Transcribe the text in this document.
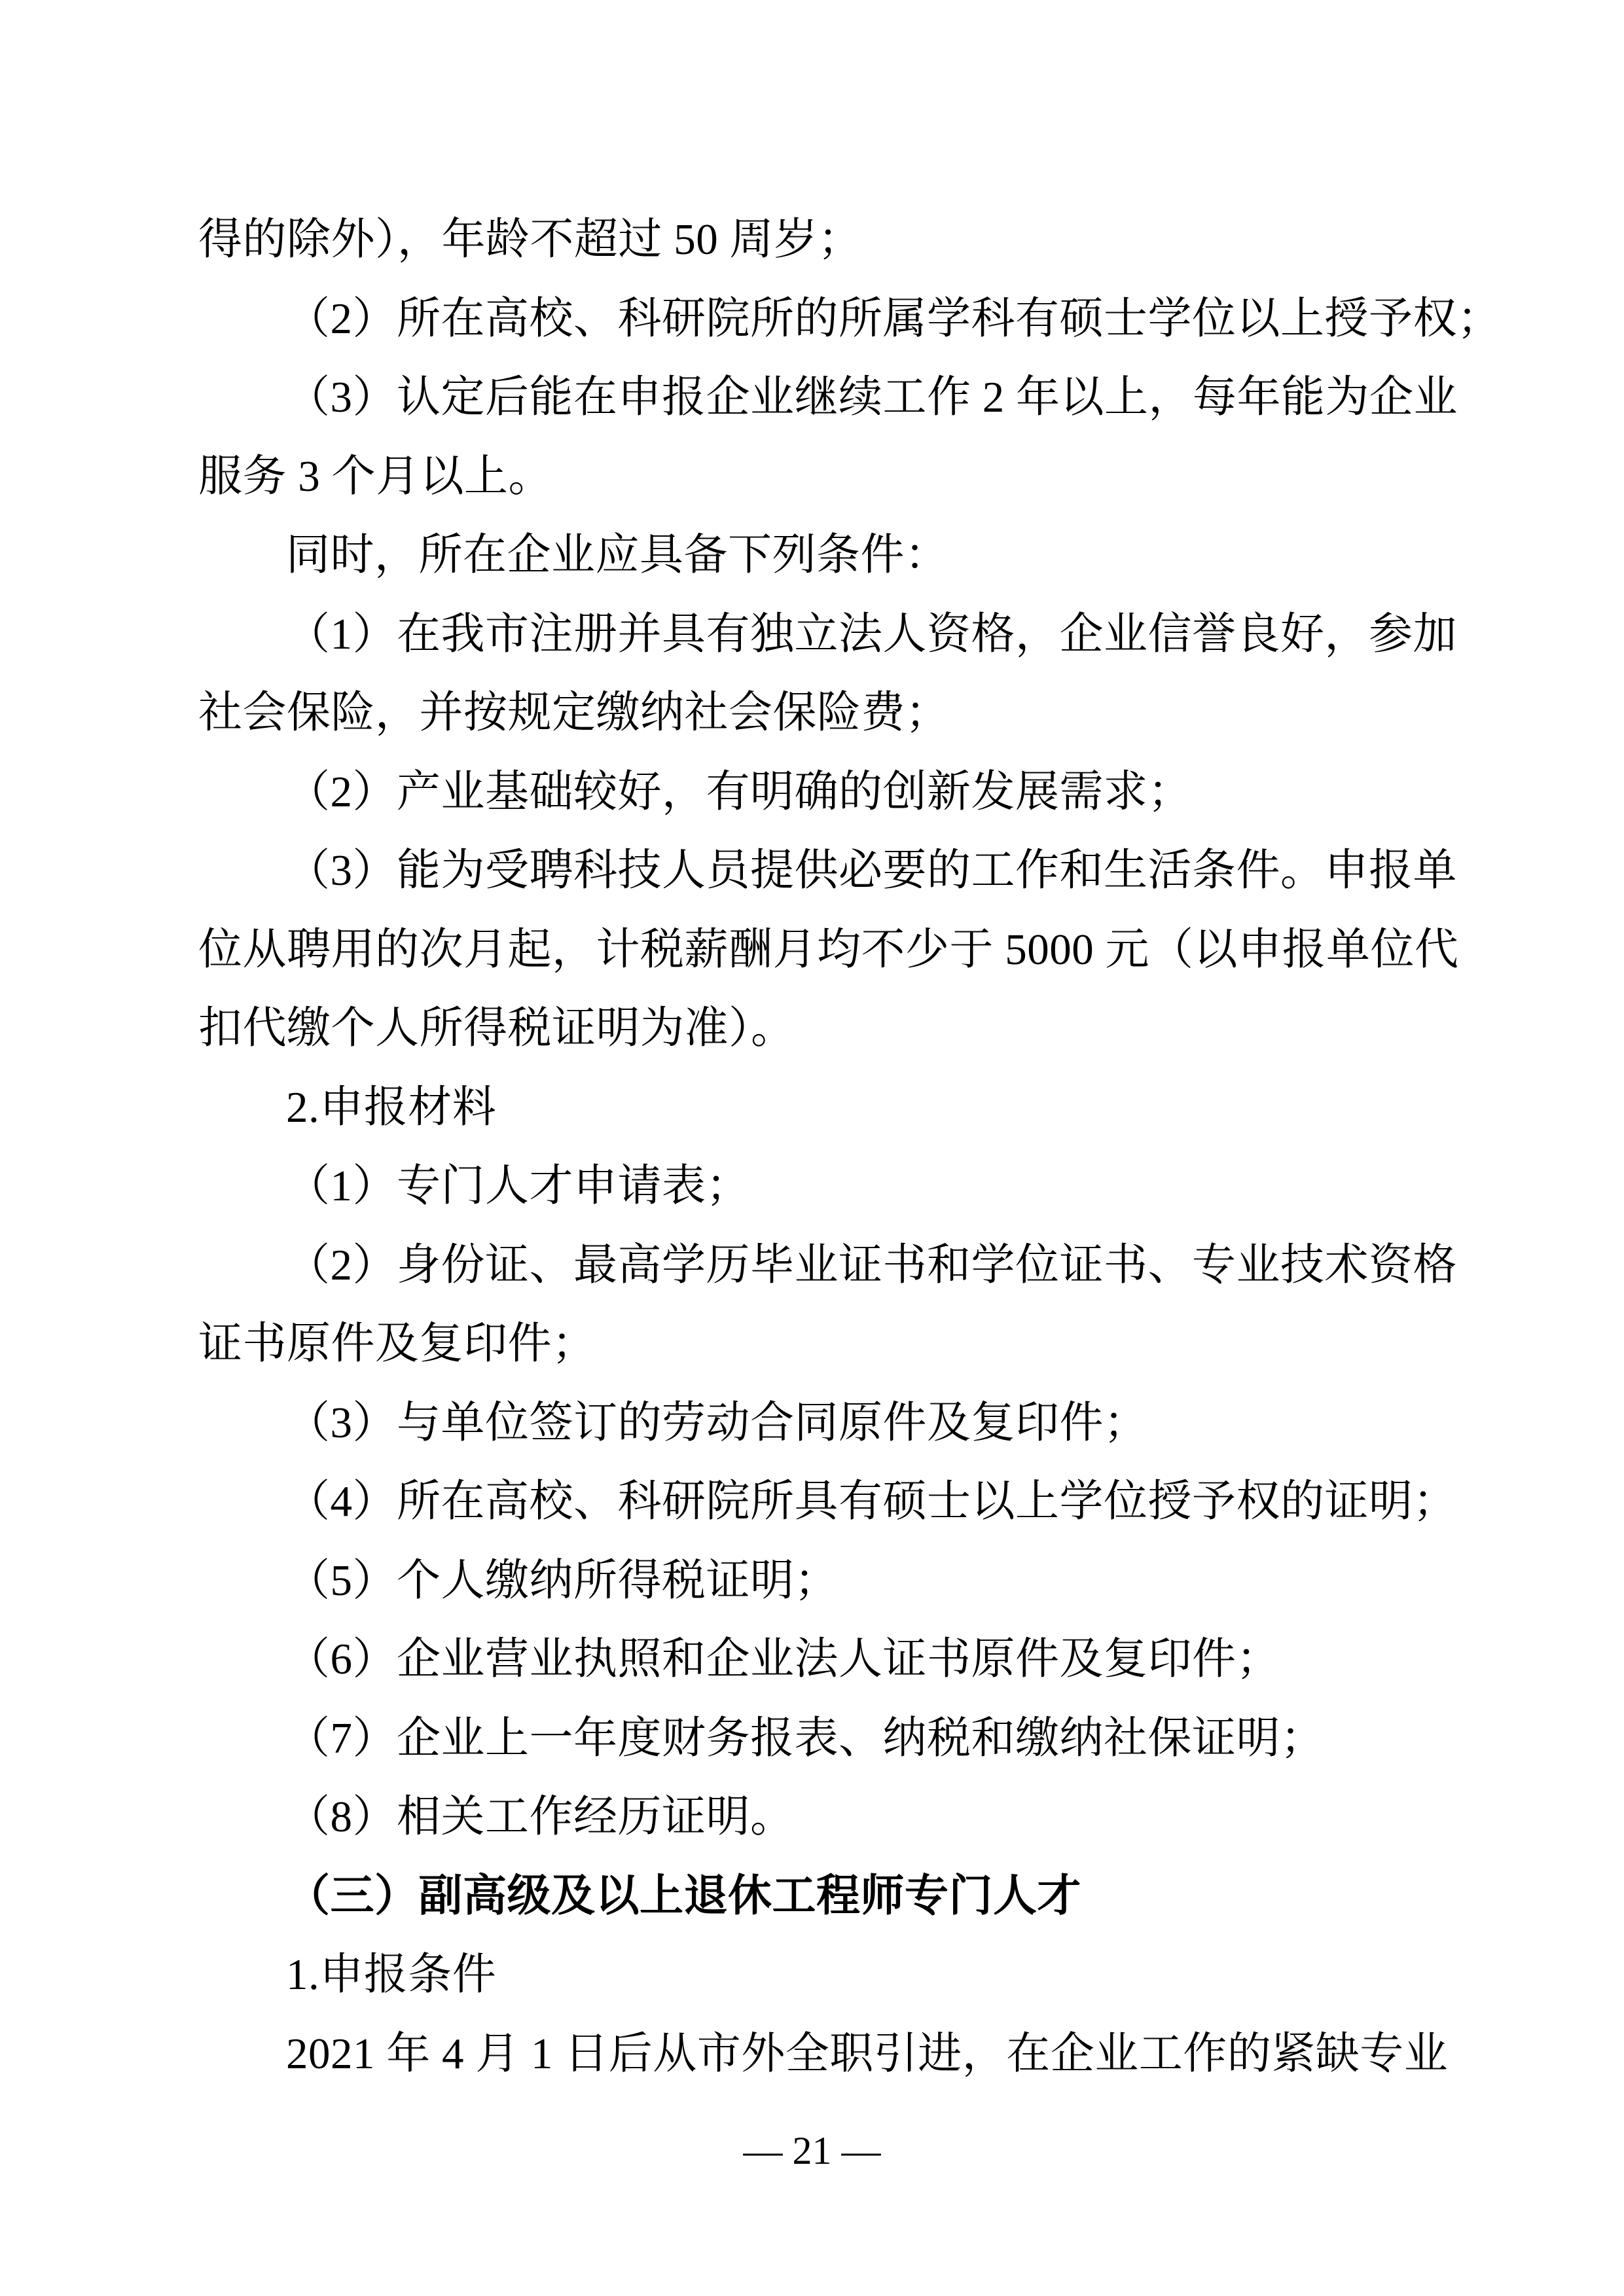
得的除外），年龄不超过 50 周岁；
（2）所在高校、科研院所的所属学科有硕士学位以上授予权；
（3）认定后能在申报企业继续工作 2 年以上，每年能为企业
服务 3 个月以上。
同时，所在企业应具备下列条件：
（1）在我市注册并具有独立法人资格，企业信誉良好，参加
社会保险，并按规定缴纳社会保险费；
（2）产业基础较好，有明确的创新发展需求；
（3）能为受聘科技人员提供必要的工作和生活条件。申报单
位从聘用的次月起，计税薪酬月均不少于 5000 元（以申报单位代
扣代缴个人所得税证明为准）。
2.申报材料
（1）专门人才申请表；
（2）身份证、最高学历毕业证书和学位证书、专业技术资格
证书原件及复印件；
（3）与单位签订的劳动合同原件及复印件；
（4）所在高校、科研院所具有硕士以上学位授予权的证明；
（5）个人缴纳所得税证明；
（6）企业营业执照和企业法人证书原件及复印件；
（7）企业上一年度财务报表、纳税和缴纳社保证明；
（8）相关工作经历证明。
（三）副高级及以上退休工程师专门人才
1.申报条件
2021 年 4 月 1 日后从市外全职引进，在企业工作的紧缺专业
— 21 —
